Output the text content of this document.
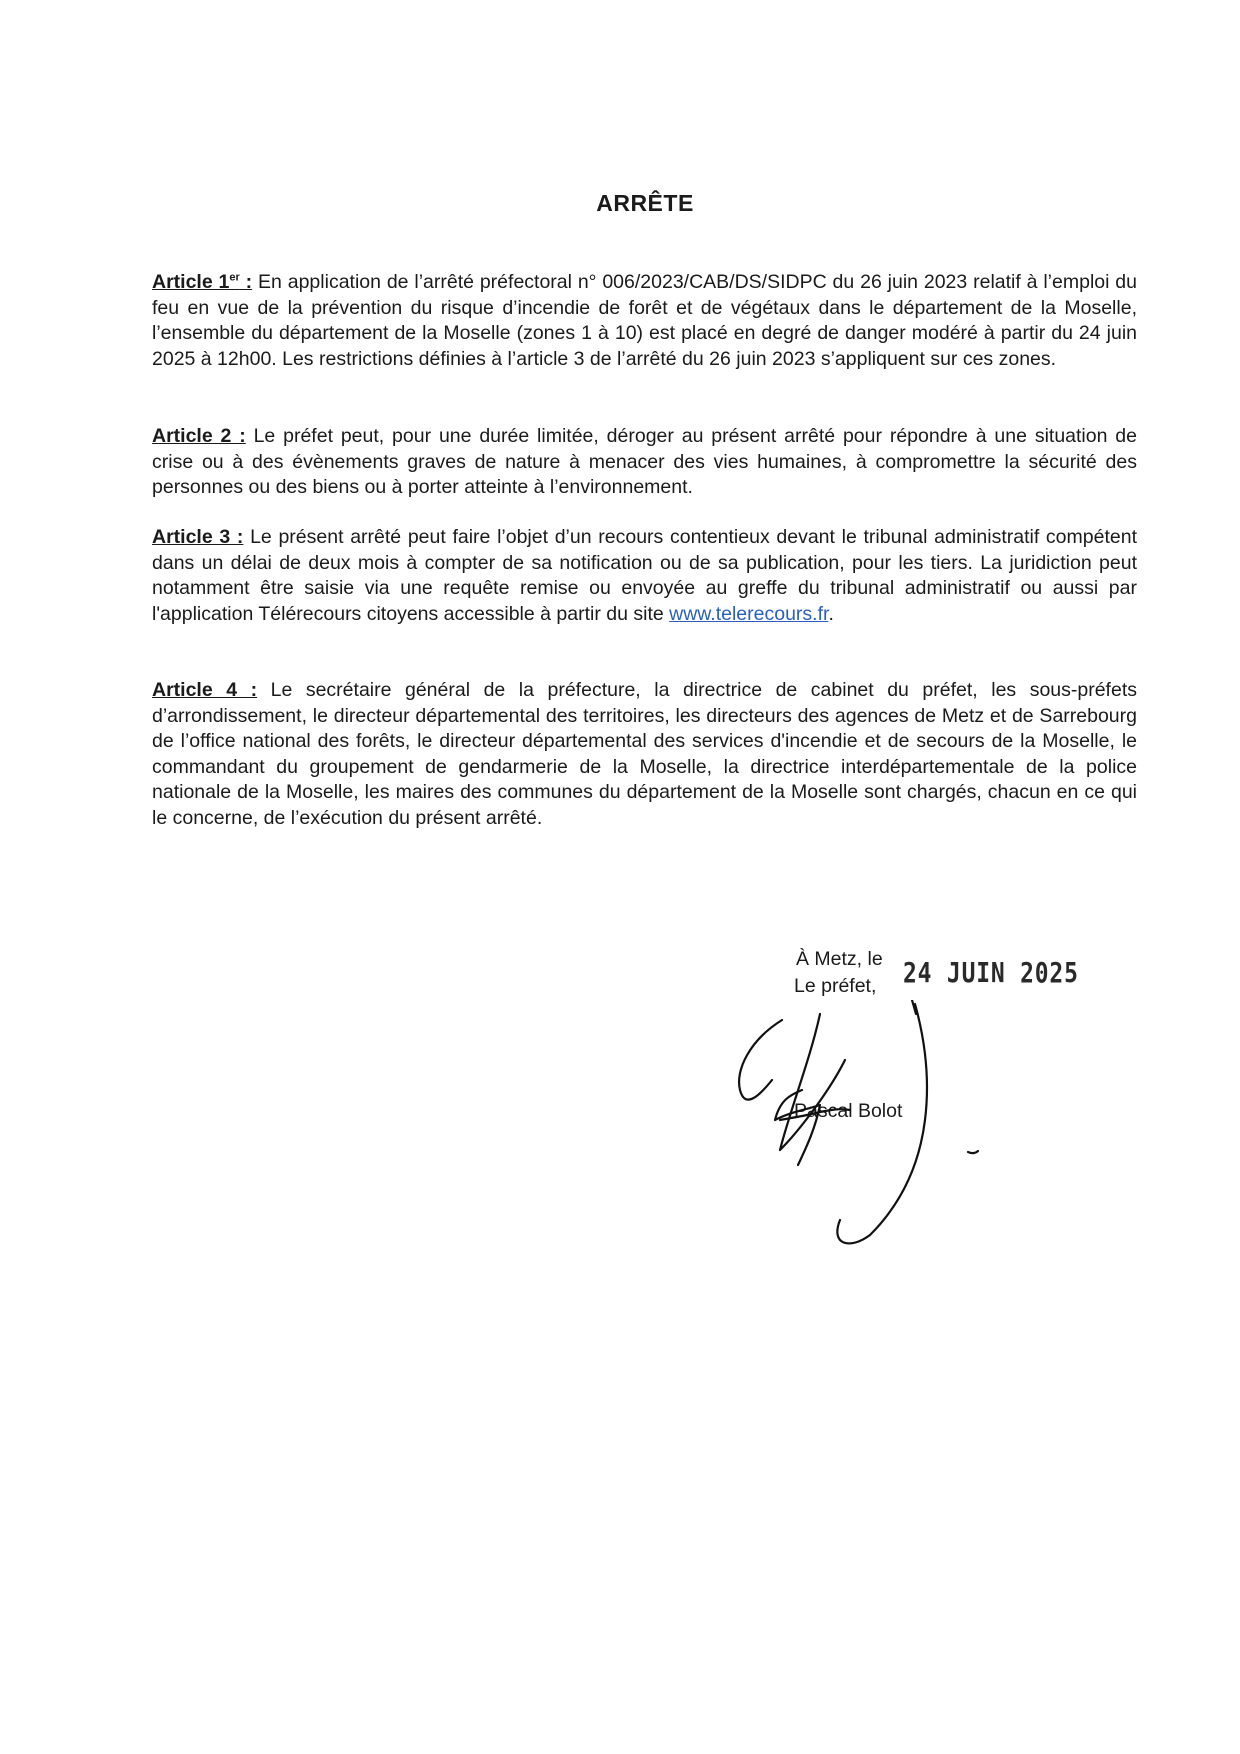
ARRÊTE

Article 1er : En application de l’arrêté préfectoral n° 006/2023/CAB/DS/SIDPC du 26 juin 2023 relatif à l’emploi du feu en vue de la prévention du risque d’incendie de forêt et de végétaux dans le département de la Moselle, l’ensemble du département de la Moselle (zones 1 à 10) est placé en degré de danger modéré à partir du 24 juin 2025 à 12h00. Les restrictions définies à l’article 3 de l’arrêté du 26 juin 2023 s’appliquent sur ces zones.

Article 2 : Le préfet peut, pour une durée limitée, déroger au présent arrêté pour répondre à une situation de crise ou à des évènements graves de nature à menacer des vies humaines, à compromettre la sécurité des personnes ou des biens ou à porter atteinte à l’environnement.

Article 3 : Le présent arrêté peut faire l’objet d’un recours contentieux devant le tribunal administratif compétent dans un délai de deux mois à compter de sa notification ou de sa publication, pour les tiers. La juridiction peut notamment être saisie via une requête remise ou envoyée au greffe du tribunal administratif ou aussi par l'application Télérecours citoyens accessible à partir du site www.telerecours.fr.

Article 4 : Le secrétaire général de la préfecture, la directrice de cabinet du préfet, les sous-préfets d’arrondissement, le directeur départemental des territoires, les directeurs des agences de Metz et de Sarrebourg de l’office national des forêts, le directeur départemental des services d'incendie et de secours de la Moselle, le commandant du groupement de gendarmerie de la Moselle, la directrice interdépartementale de la police nationale de la Moselle, les maires des communes du département de la Moselle sont chargés, chacun en ce qui le concerne, de l’exécution du présent arrêté.

À Metz, le
Le préfet, 24 JUIN 2025
Pascal Bolot
